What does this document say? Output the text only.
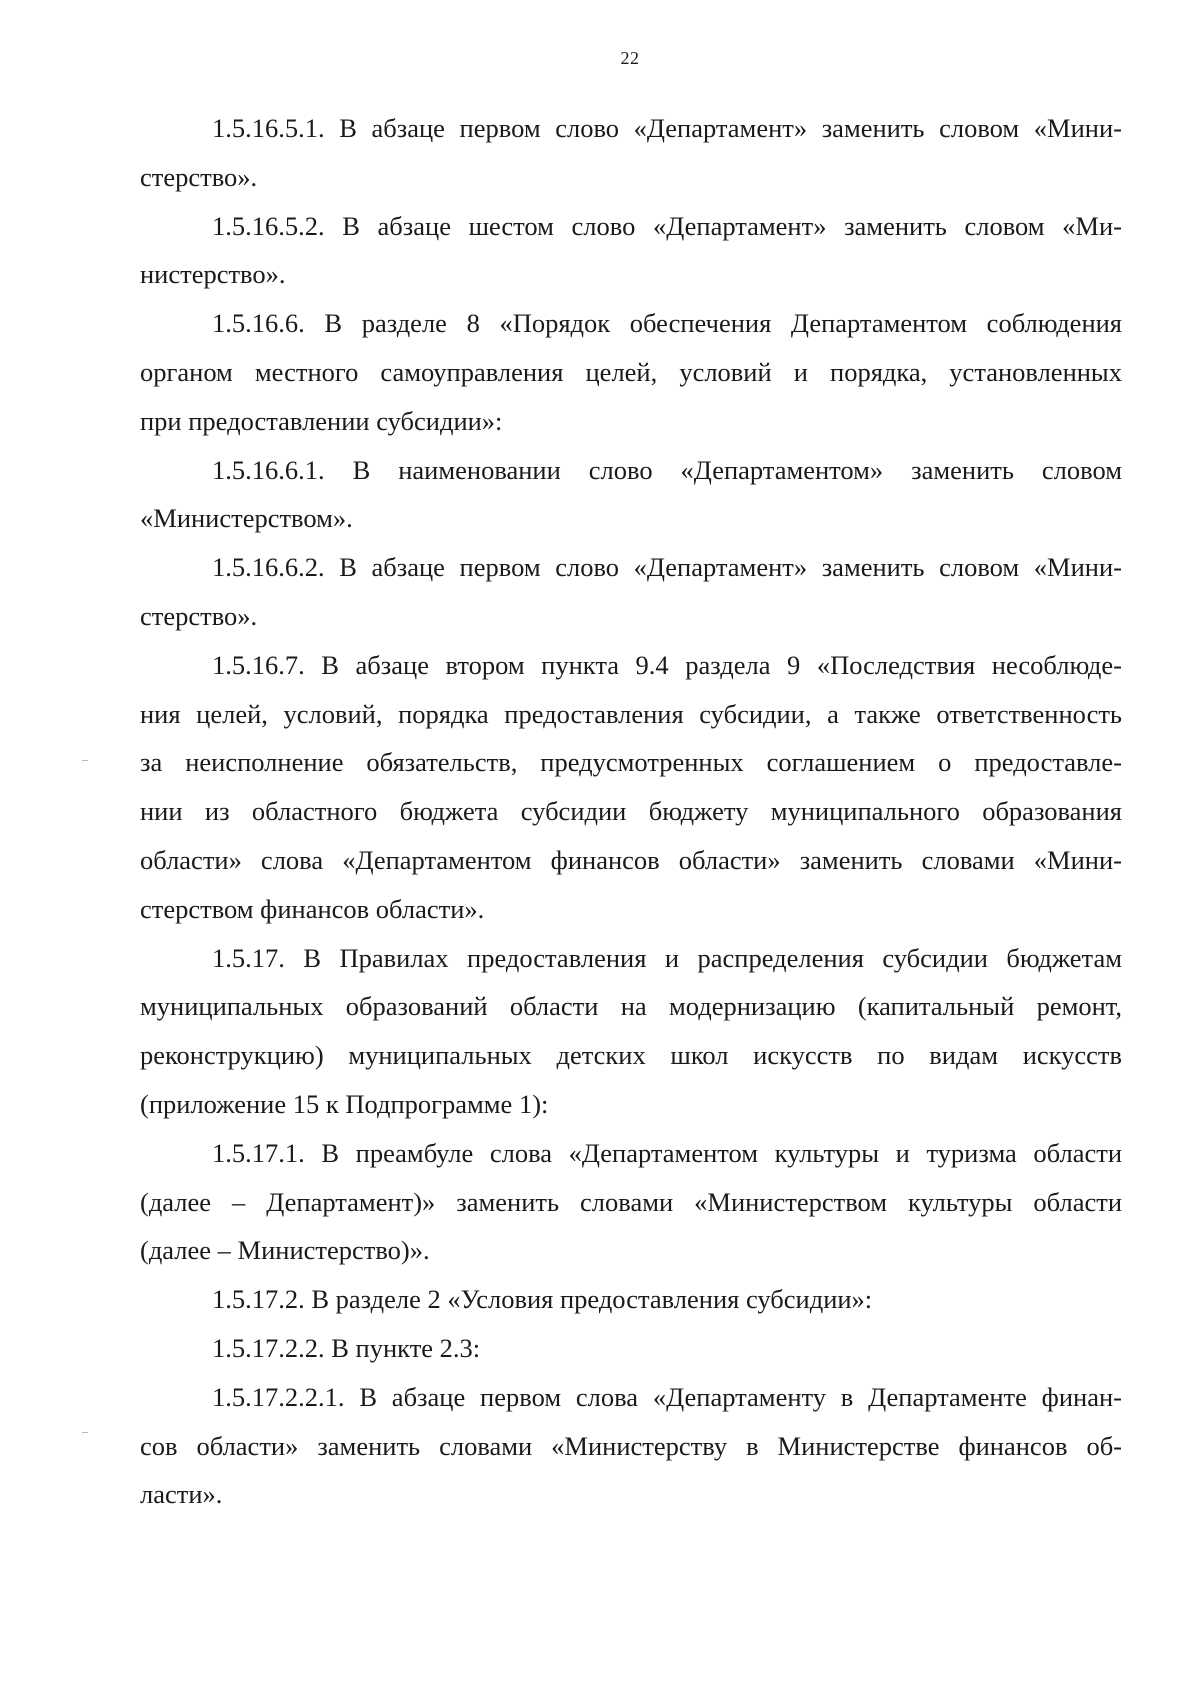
22

1.5.16.5.1. В абзаце первом слово «Департамент» заменить словом «Мини-
стерство».

1.5.16.5.2. В абзаце шестом слово «Департамент» заменить словом «Ми-
нистерство».

1.5.16.6. В разделе 8 «Порядок обеспечения Департаментом соблюдения
органом местного самоуправления целей, условий и порядка, установленных
при предоставлении субсидии»:

1.5.16.6.1. В наименовании слово «Департаментом» заменить словом
«Министерством».

1.5.16.6.2. В абзаце первом слово «Департамент» заменить словом «Мини-
стерство».

1.5.16.7. В абзаце втором пункта 9.4 раздела 9 «Последствия несоблюде-
ния целей, условий, порядка предоставления субсидии, а также ответственность
за неисполнение обязательств, предусмотренных соглашением о предоставле-
нии из областного бюджета субсидии бюджету муниципального образования
области» слова «Департаментом финансов области» заменить словами «Мини-
стерством финансов области».

1.5.17. В Правилах предоставления и распределения субсидии бюджетам
муниципальных образований области на модернизацию (капитальный ремонт,
реконструкцию) муниципальных детских школ искусств по видам искусств
(приложение 15 к Подпрограмме 1):

1.5.17.1. В преамбуле слова «Департаментом культуры и туризма области
(далее – Департамент)» заменить словами «Министерством культуры области
(далее – Министерство)».

1.5.17.2. В разделе 2 «Условия предоставления субсидии»:

1.5.17.2.2. В пункте 2.3:

1.5.17.2.2.1. В абзаце первом слова «Департаменту в Департаменте финан-
сов области» заменить словами «Министерству в Министерстве финансов об-
ласти».
